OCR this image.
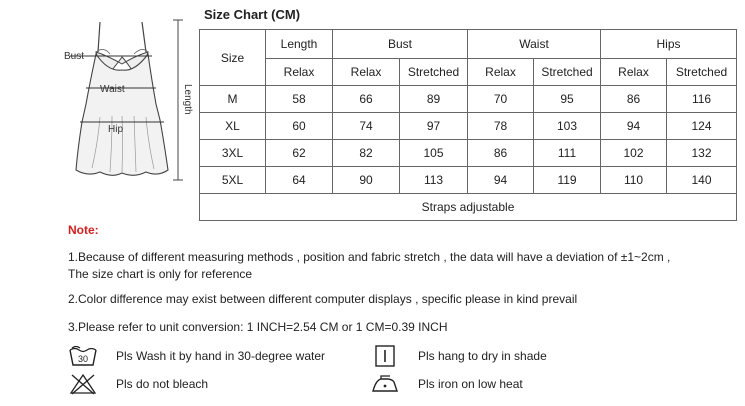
Bust
Waist
Hip
Length
Size Chart (CM)
Size	Length	Bust		Waist		Hips	
	Relax	Relax	Stretched	Relax	Stretched	Relax	Stretched
M	58	66	89	70	95	86	116
XL	60	74	97	78	103	94	124
3XL	62	82	105	86	111	102	132
5XL	64	90	113	94	119	110	140
Straps adjustable							
Note:
1.Because of different measuring methods , position and fabric stretch , the data will have a deviation of ±1~2cm ,
The size chart is only for reference
2.Color difference may exist between different computer displays , specific please in kind prevail
3.Please refer to unit conversion: 1 INCH=2.54 CM or 1 CM=0.39 INCH
30 Pls Wash it by hand in 30-degree water	Pls hang to dry in shade
Pls do not bleach	Pls iron on low heat
